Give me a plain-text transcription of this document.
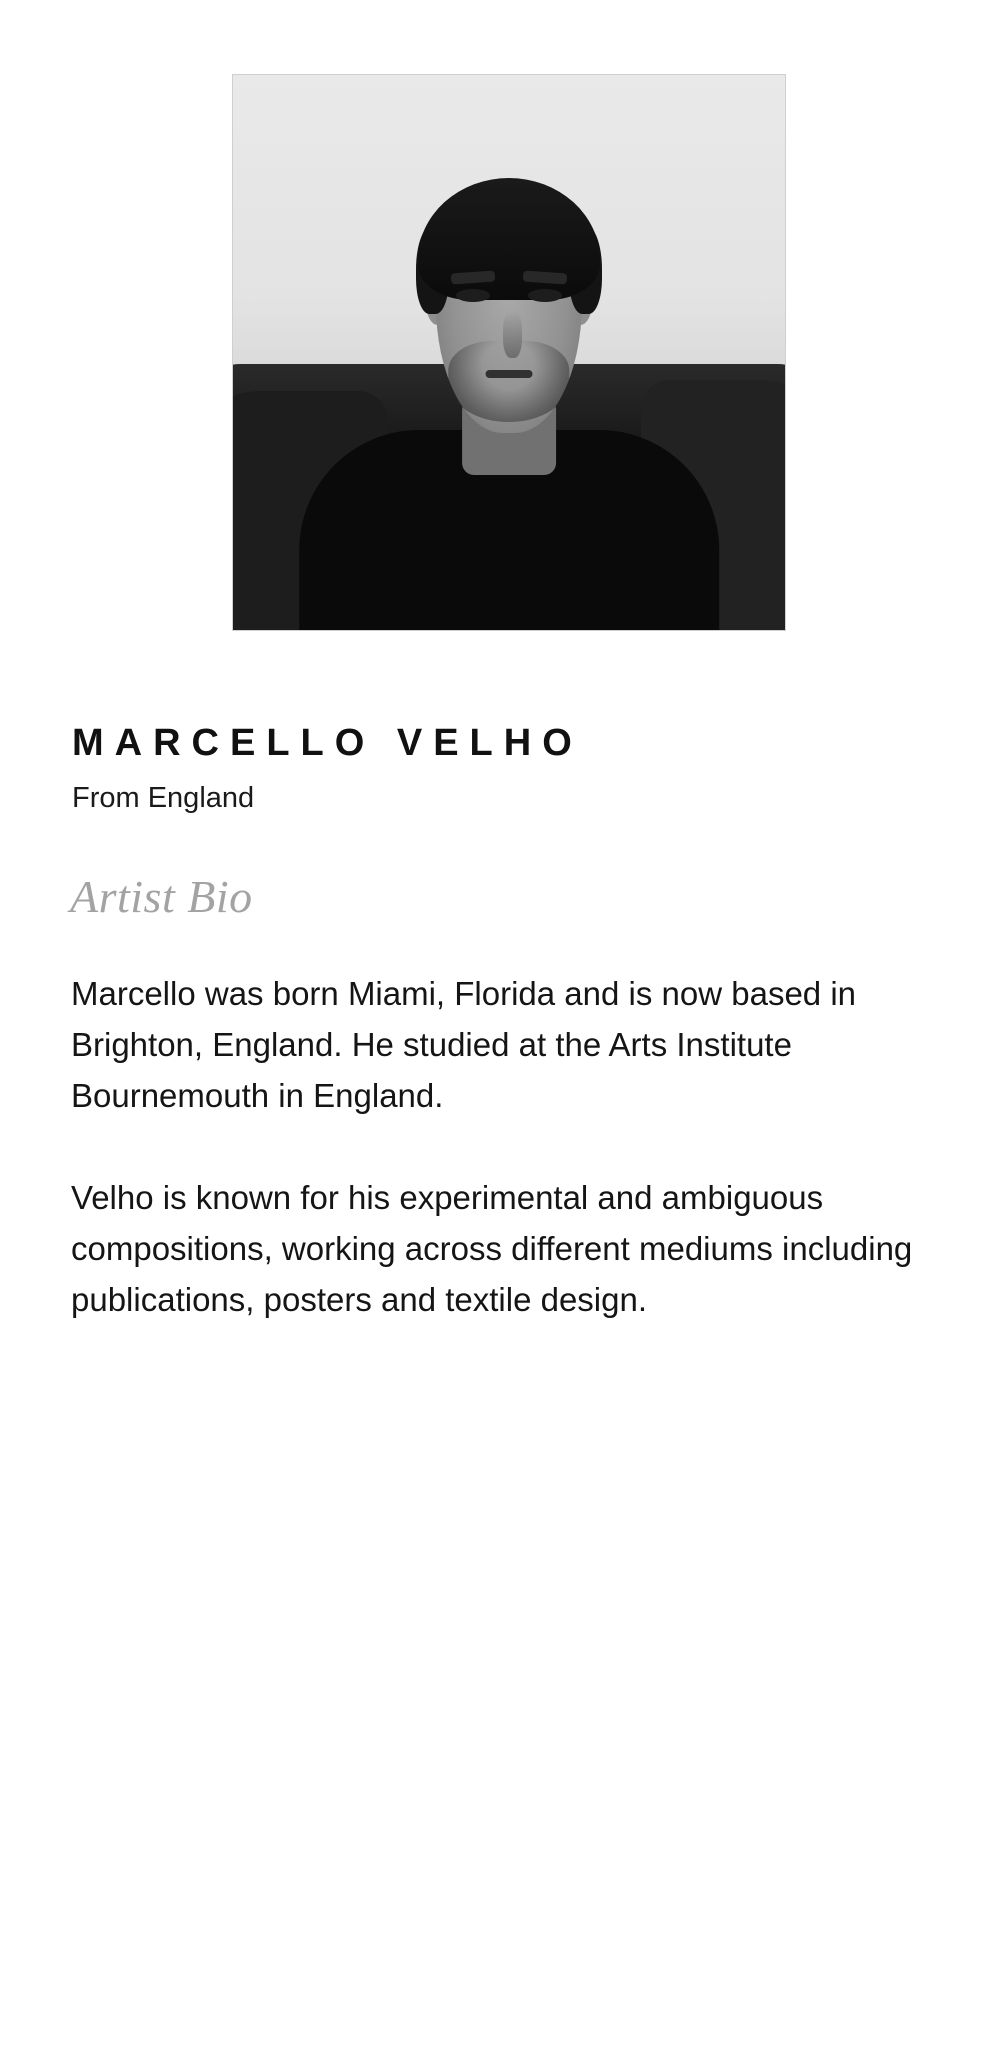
MARCELLO VELHO
From England
Artist Bio

Marcello was born Miami, Florida and is now based in Brighton, England. He studied at the Arts Institute Bournemouth in England.

Velho is known for his experimental and ambiguous compositions, working across different mediums including publications, posters and textile design.
